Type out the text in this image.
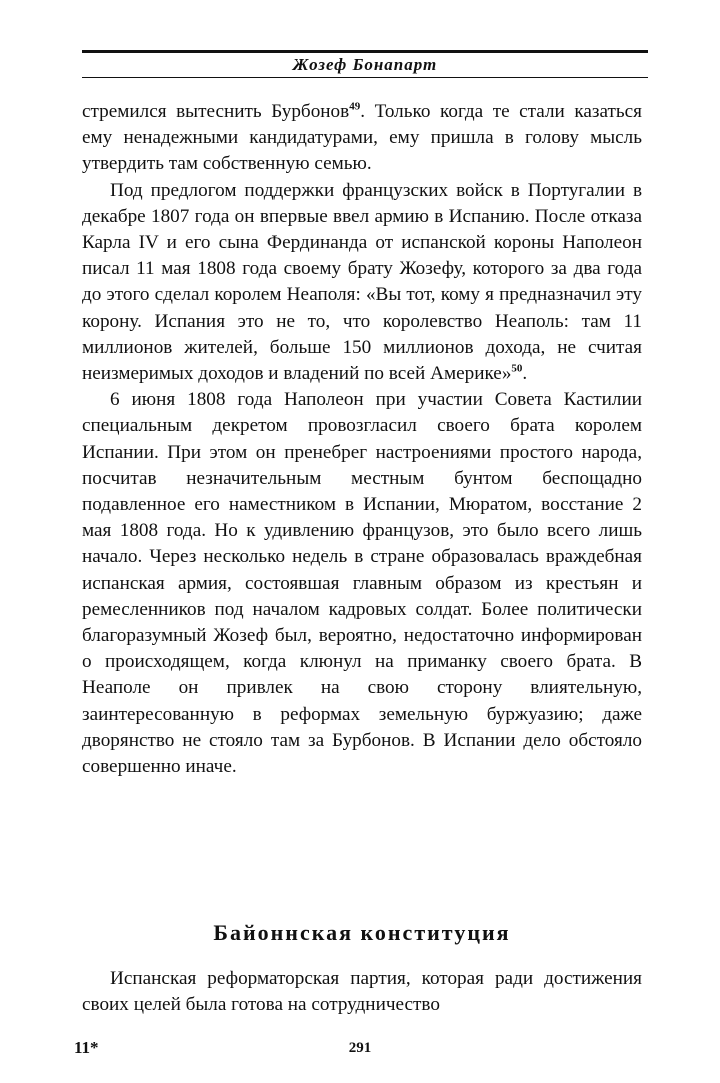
Жозеф Бонапарт

стремился вытеснить Бурбонов$^{49}$. Только когда те стали казаться ему ненадежными кандидатурами, ему пришла в голову мысль утвердить там собственную семью.

Под предлогом поддержки французских войск в Португалии в декабре 1807 года он впервые ввел армию в Испанию. После отказа Карла IV и его сына Фердинанда от испанской короны Наполеон писал 11 мая 1808 года своему брату Жозефу, которого за два года до этого сделал королем Неаполя: «Вы тот, кому я предназначил эту корону. Испания это не то, что королевство Неаполь: там 11 миллионов жителей, больше 150 миллионов дохода, не считая неизмеримых доходов и владений по всей Америке»$^{50}$.

6 июня 1808 года Наполеон при участии Совета Кастилии специальным декретом провозгласил своего брата королем Испании. При этом он пренебрег настроениями простого народа, посчитав незначительным местным бунтом беспощадно подавленное его наместником в Испании, Мюратом, восстание 2 мая 1808 года. Но к удивлению французов, это было всего лишь начало. Через несколько недель в стране образовалась враждебная испанская армия, состоявшая главным образом из крестьян и ремесленников под началом кадровых солдат. Более политически благоразумный Жозеф был, вероятно, недостаточно информирован о происходящем, когда клюнул на приманку своего брата. В Неаполе он привлек на свою сторону влиятельную, заинтересованную в реформах земельную буржуазию; даже дворянство не стояло там за Бурбонов. В Испании дело обстояло совершенно иначе.

Байоннская конституция

Испанская реформаторская партия, которая ради достижения своих целей была готова на сотрудничество

11*	291
